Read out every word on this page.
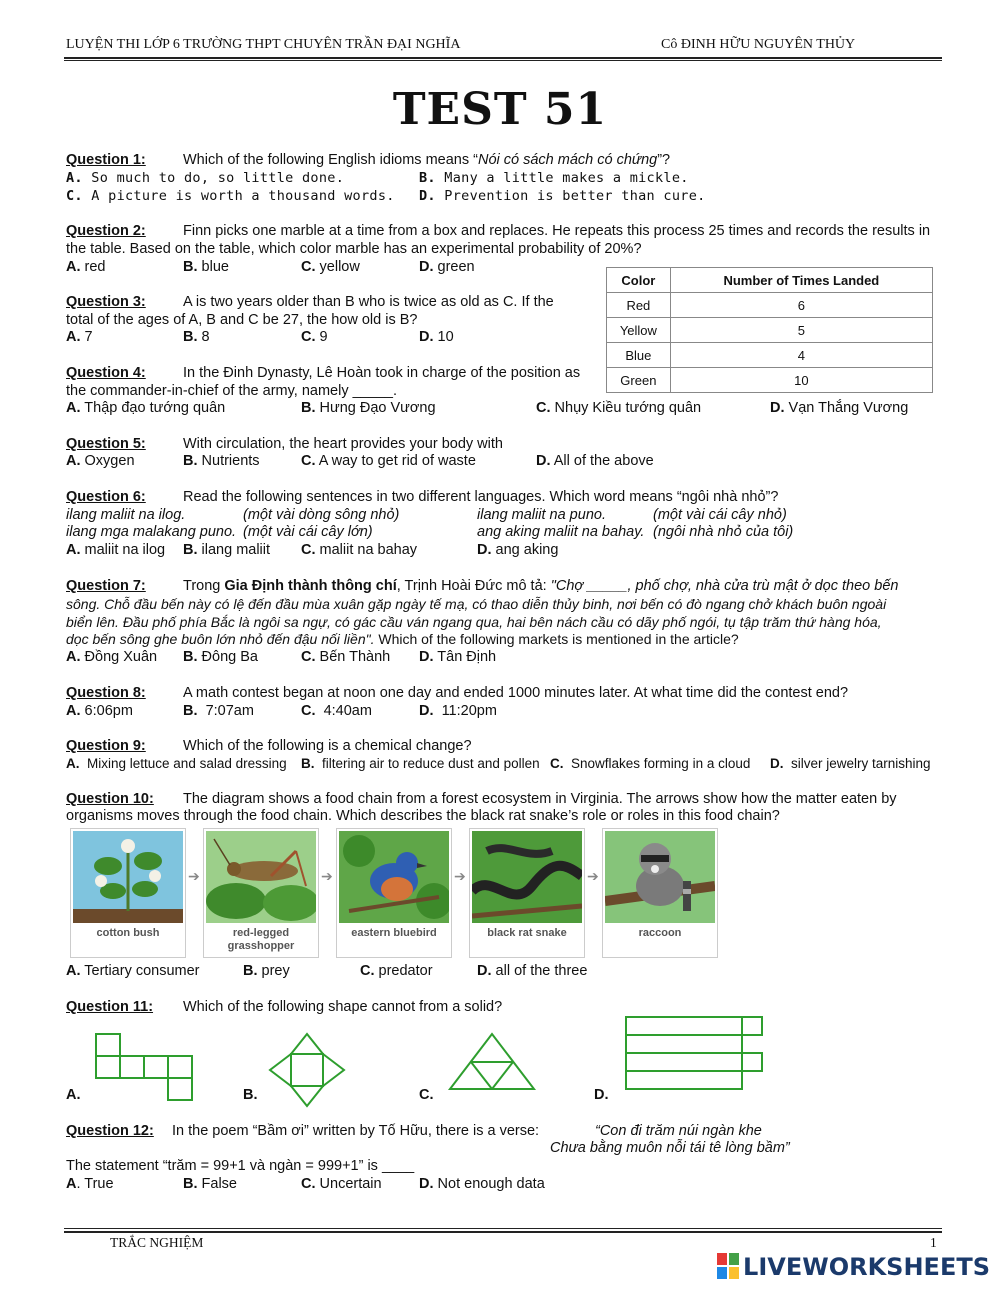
LUYỆN THI LỚP 6 TRƯỜNG THPT CHUYÊN TRẦN ĐẠI NGHĨA	Cô ĐINH HỮU NGUYÊN THỦY
TEST 51
Question 1:	Which of the following English idioms means “Nói có sách mách có chứng”?
A. So much to do, so little done.	B. Many a little makes a mickle.
C. A picture is worth a thousand words. D. Prevention is better than cure.
Question 2:	Finn picks one marble at a time from a box and replaces. He repeats this process 25 times and records the results in
the table. Based on the table, which color marble has an experimental probability of 20%?
A. red	B. blue	C. yellow	D. green
Color	Number of Times Landed
Red	6
Yellow	5
Blue	4
Green	10
Question 3:	A is two years older than B who is twice as old as C. If the
total of the ages of A, B and C be 27, the how old is B?
A. 7	B. 8	C. 9	D. 10
Question 4:	In the Đinh Dynasty, Lê Hoàn took in charge of the position as
the commander-in-chief of the army, namely _____.
A. Thập đạo tướng quân	B. Hưng Đạo Vương	C. Nhụy Kiều tướng quân	D. Vạn Thắng Vương
Question 5:	With circulation, the heart provides your body with
A. Oxygen	B. Nutrients	C. A way to get rid of waste	D. All of the above
Question 6:	Read the following sentences in two different languages. Which word means “ngôi nhà nhỏ”?
ilang maliit na ilog.	(một vài dòng sông nhỏ)	ilang maliit na puno.	(một vài cái cây nhỏ)
ilang mga malakang puno. (một vài cái cây lớn)	ang aking maliit na bahay. (ngôi nhà nhỏ của tôi)
A. maliit na ilog B. ilang maliit C. maliit na bahay	D. ang aking
Question 7:	Trong Gia Định thành thông chí, Trịnh Hoài Đức mô tả: "Chợ _____, phố chợ, nhà cửa trù mật ở dọc theo bến
sông. Chỗ đầu bến này có lệ đến đầu mùa xuân gặp ngày tế mạ, có thao diễn thủy binh, nơi bến có đò ngang chở khách buôn ngoài
biển lên. Đầu phố phía Bắc là ngôi sa ngự, có gác cầu ván ngang qua, hai bên nách cầu có dãy phố ngói, tụ tập trăm thứ hàng hóa,
dọc bến sông ghe buôn lớn nhỏ đến đậu nối liền". Which of the following markets is mentioned in the article?
A. Đồng Xuân B. Đông Ba	C. Bến Thành D. Tân Định
Question 8:	A math contest began at noon one day and ended 1000 minutes later. At what time did the contest end?
A. 6:06pm	B. 7:07am	C. 4:40am	D. 11:20pm
Question 9:	Which of the following is a chemical change?
A. Mixing lettuce and salad dressing B. filtering air to reduce dust and pollen C. Snowflakes forming in a cloud D. silver jewelry tarnishing
Question 10: The diagram shows a food chain from a forest ecosystem in Virginia. The arrows show how the matter eaten by
organisms moves through the food chain. Which describes the black rat snake’s role or roles in this food chain?
cotton bush
➔
red-legged grasshopper
➔
eastern bluebird
➔
black rat snake
➔
raccoon
A. Tertiary consumer	B. prey	C. predator	D. all of the three
Question 11: Which of the following shape cannot from a solid?
A.	B.	C.	D.
Question 12: In the poem “Bầm ơi” written by Tố Hữu, there is a verse:	“Con đi trăm núi ngàn khe
Chưa bằng muôn nỗi tái tê lòng bầm”
The statement “trăm = 99+1 và ngàn = 999+1” is ____
A. True	B. False	C. Uncertain	D. Not enough data
TRẮC NGHIỆM	1
LIVEWORKSHEETS
